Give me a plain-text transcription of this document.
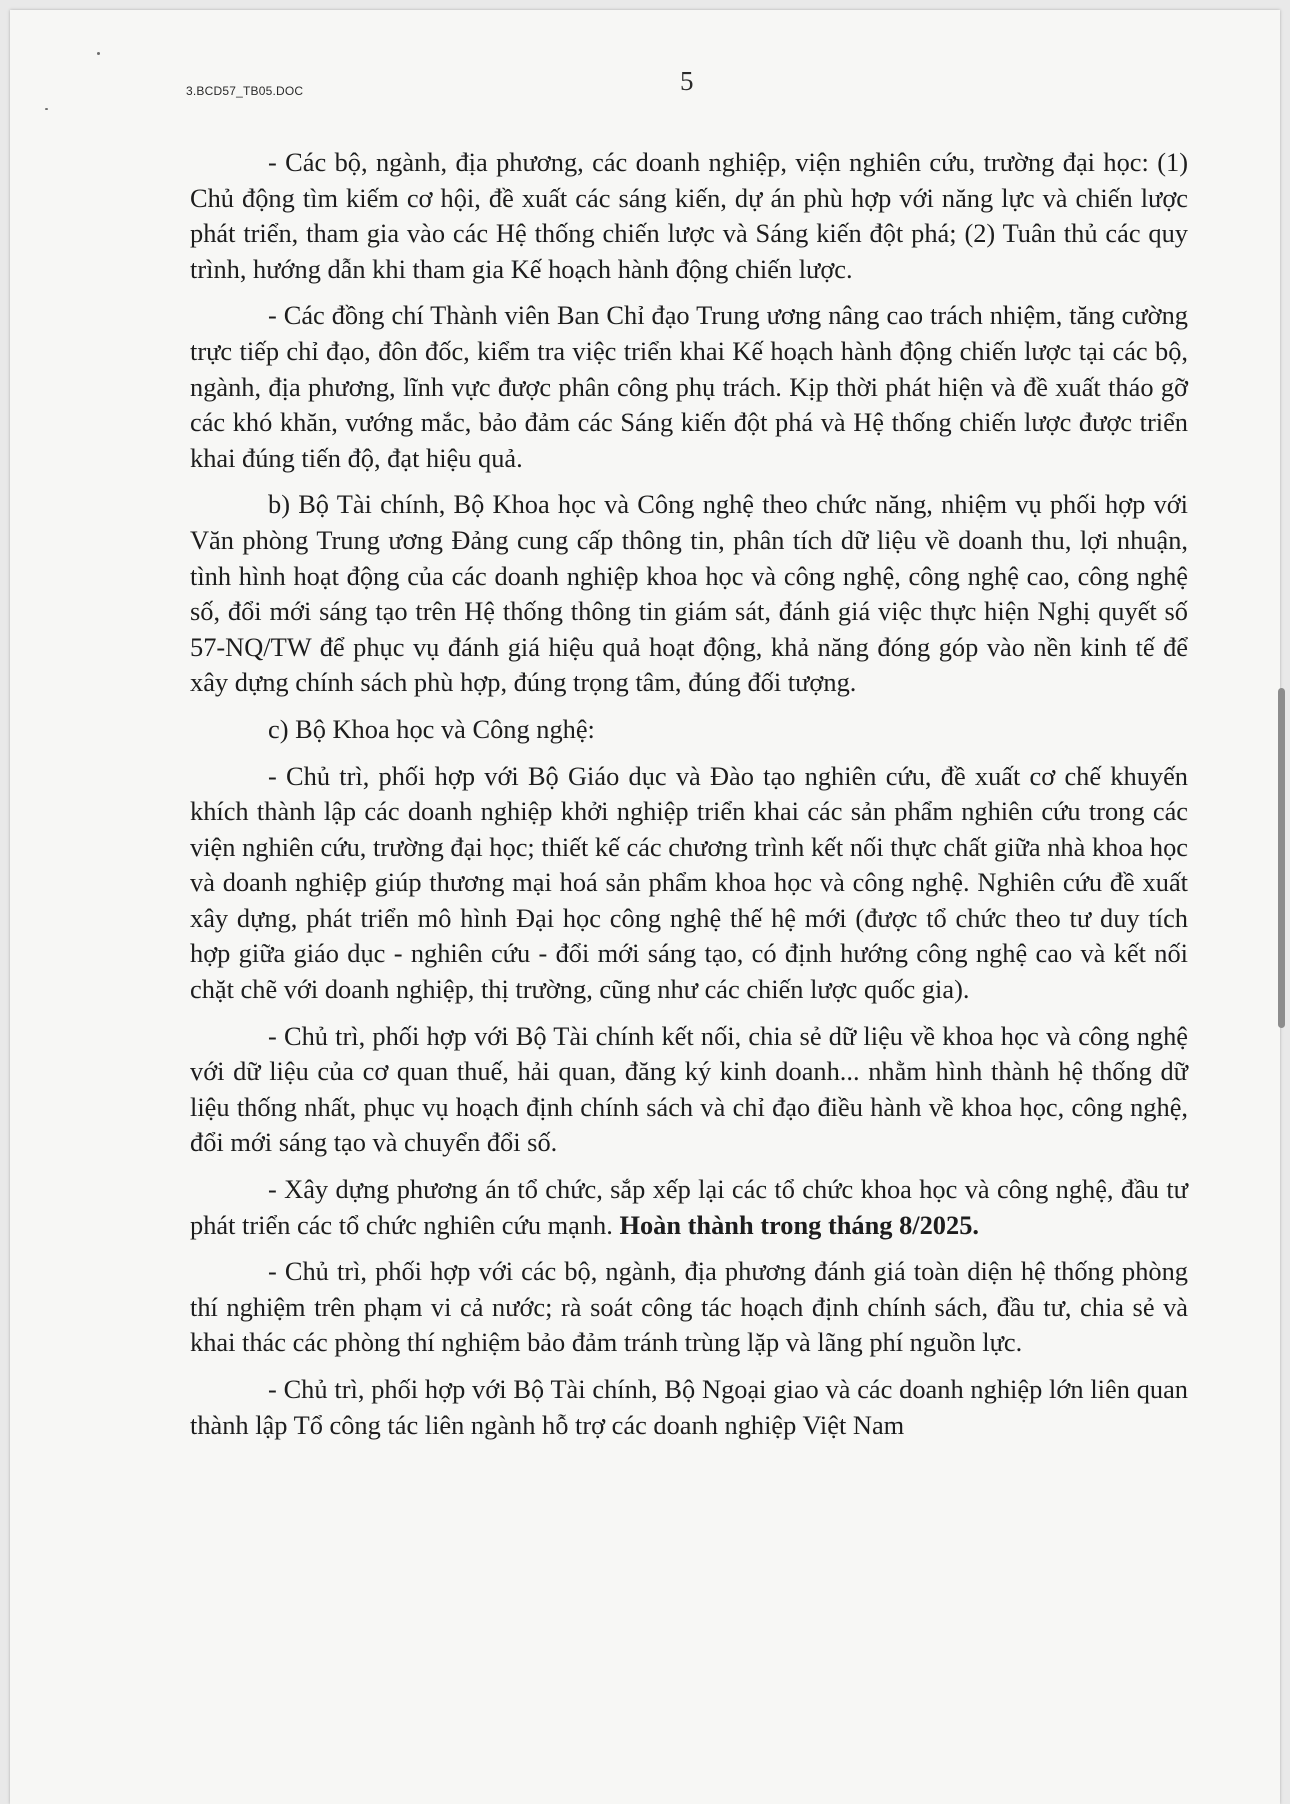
3.BCD57_TB05.DOC	5

- Các bộ, ngành, địa phương, các doanh nghiệp, viện nghiên cứu, trường đại học: (1) Chủ động tìm kiếm cơ hội, đề xuất các sáng kiến, dự án phù hợp với năng lực và chiến lược phát triển, tham gia vào các Hệ thống chiến lược và Sáng kiến đột phá; (2) Tuân thủ các quy trình, hướng dẫn khi tham gia Kế hoạch hành động chiến lược.

- Các đồng chí Thành viên Ban Chỉ đạo Trung ương nâng cao trách nhiệm, tăng cường trực tiếp chỉ đạo, đôn đốc, kiểm tra việc triển khai Kế hoạch hành động chiến lược tại các bộ, ngành, địa phương, lĩnh vực được phân công phụ trách. Kịp thời phát hiện và đề xuất tháo gỡ các khó khăn, vướng mắc, bảo đảm các Sáng kiến đột phá và Hệ thống chiến lược được triển khai đúng tiến độ, đạt hiệu quả.

b) Bộ Tài chính, Bộ Khoa học và Công nghệ theo chức năng, nhiệm vụ phối hợp với Văn phòng Trung ương Đảng cung cấp thông tin, phân tích dữ liệu về doanh thu, lợi nhuận, tình hình hoạt động của các doanh nghiệp khoa học và công nghệ, công nghệ cao, công nghệ số, đổi mới sáng tạo trên Hệ thống thông tin giám sát, đánh giá việc thực hiện Nghị quyết số 57-NQ/TW để phục vụ đánh giá hiệu quả hoạt động, khả năng đóng góp vào nền kinh tế để xây dựng chính sách phù hợp, đúng trọng tâm, đúng đối tượng.

c) Bộ Khoa học và Công nghệ:

- Chủ trì, phối hợp với Bộ Giáo dục và Đào tạo nghiên cứu, đề xuất cơ chế khuyến khích thành lập các doanh nghiệp khởi nghiệp triển khai các sản phẩm nghiên cứu trong các viện nghiên cứu, trường đại học; thiết kế các chương trình kết nối thực chất giữa nhà khoa học và doanh nghiệp giúp thương mại hoá sản phẩm khoa học và công nghệ. Nghiên cứu đề xuất xây dựng, phát triển mô hình Đại học công nghệ thế hệ mới (được tổ chức theo tư duy tích hợp giữa giáo dục - nghiên cứu - đổi mới sáng tạo, có định hướng công nghệ cao và kết nối chặt chẽ với doanh nghiệp, thị trường, cũng như các chiến lược quốc gia).

- Chủ trì, phối hợp với Bộ Tài chính kết nối, chia sẻ dữ liệu về khoa học và công nghệ với dữ liệu của cơ quan thuế, hải quan, đăng ký kinh doanh... nhằm hình thành hệ thống dữ liệu thống nhất, phục vụ hoạch định chính sách và chỉ đạo điều hành về khoa học, công nghệ, đổi mới sáng tạo và chuyển đổi số.

- Xây dựng phương án tổ chức, sắp xếp lại các tổ chức khoa học và công nghệ, đầu tư phát triển các tổ chức nghiên cứu mạnh. Hoàn thành trong tháng 8/2025.

- Chủ trì, phối hợp với các bộ, ngành, địa phương đánh giá toàn diện hệ thống phòng thí nghiệm trên phạm vi cả nước; rà soát công tác hoạch định chính sách, đầu tư, chia sẻ và khai thác các phòng thí nghiệm bảo đảm tránh trùng lặp và lãng phí nguồn lực.

- Chủ trì, phối hợp với Bộ Tài chính, Bộ Ngoại giao và các doanh nghiệp lớn liên quan thành lập Tổ công tác liên ngành hỗ trợ các doanh nghiệp Việt Nam
